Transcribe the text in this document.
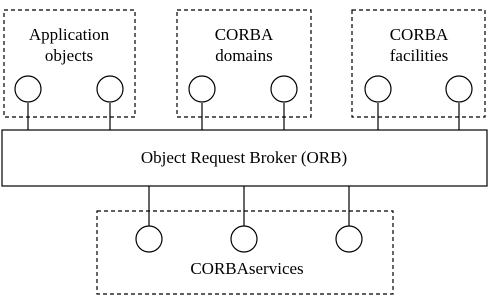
Application
objects
CORBA
domains
CORBA
facilities
Object Request Broker (ORB)
CORBAservices
